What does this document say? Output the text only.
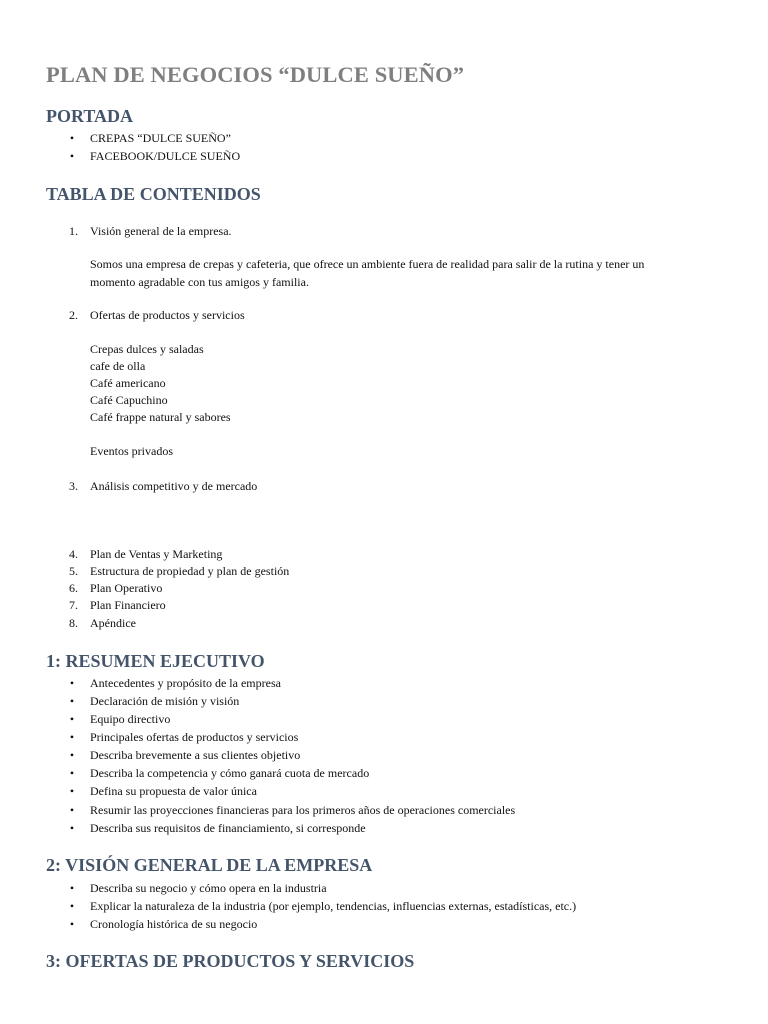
PLAN DE NEGOCIOS “DULCE SUEÑO”
PORTADA
• CREPAS “DULCE SUEÑO”
• FACEBOOK/DULCE SUEÑO
TABLA DE CONTENIDOS
1. Visión general de la empresa.
Somos una empresa de crepas y cafeteria, que ofrece un ambiente fuera de realidad para salir de la rutina y tener un momento agradable con tus amigos y familia.
2. Ofertas de productos y servicios
Crepas dulces y saladas
cafe de olla
Café americano
Café Capuchino
Café frappe natural y sabores
Eventos privados
3. Análisis competitivo y de mercado
4. Plan de Ventas y Marketing
5. Estructura de propiedad y plan de gestión
6. Plan Operativo
7. Plan Financiero
8. Apéndice
1: RESUMEN EJECUTIVO
• Antecedentes y propósito de la empresa
• Declaración de misión y visión
• Equipo directivo
• Principales ofertas de productos y servicios
• Describa brevemente a sus clientes objetivo
• Describa la competencia y cómo ganará cuota de mercado
• Defina su propuesta de valor única
• Resumir las proyecciones financieras para los primeros años de operaciones comerciales
• Describa sus requisitos de financiamiento, si corresponde
2: VISIÓN GENERAL DE LA EMPRESA
• Describa su negocio y cómo opera en la industria
• Explicar la naturaleza de la industria (por ejemplo, tendencias, influencias externas, estadísticas, etc.)
• Cronología histórica de su negocio
3: OFERTAS DE PRODUCTOS Y SERVICIOS
